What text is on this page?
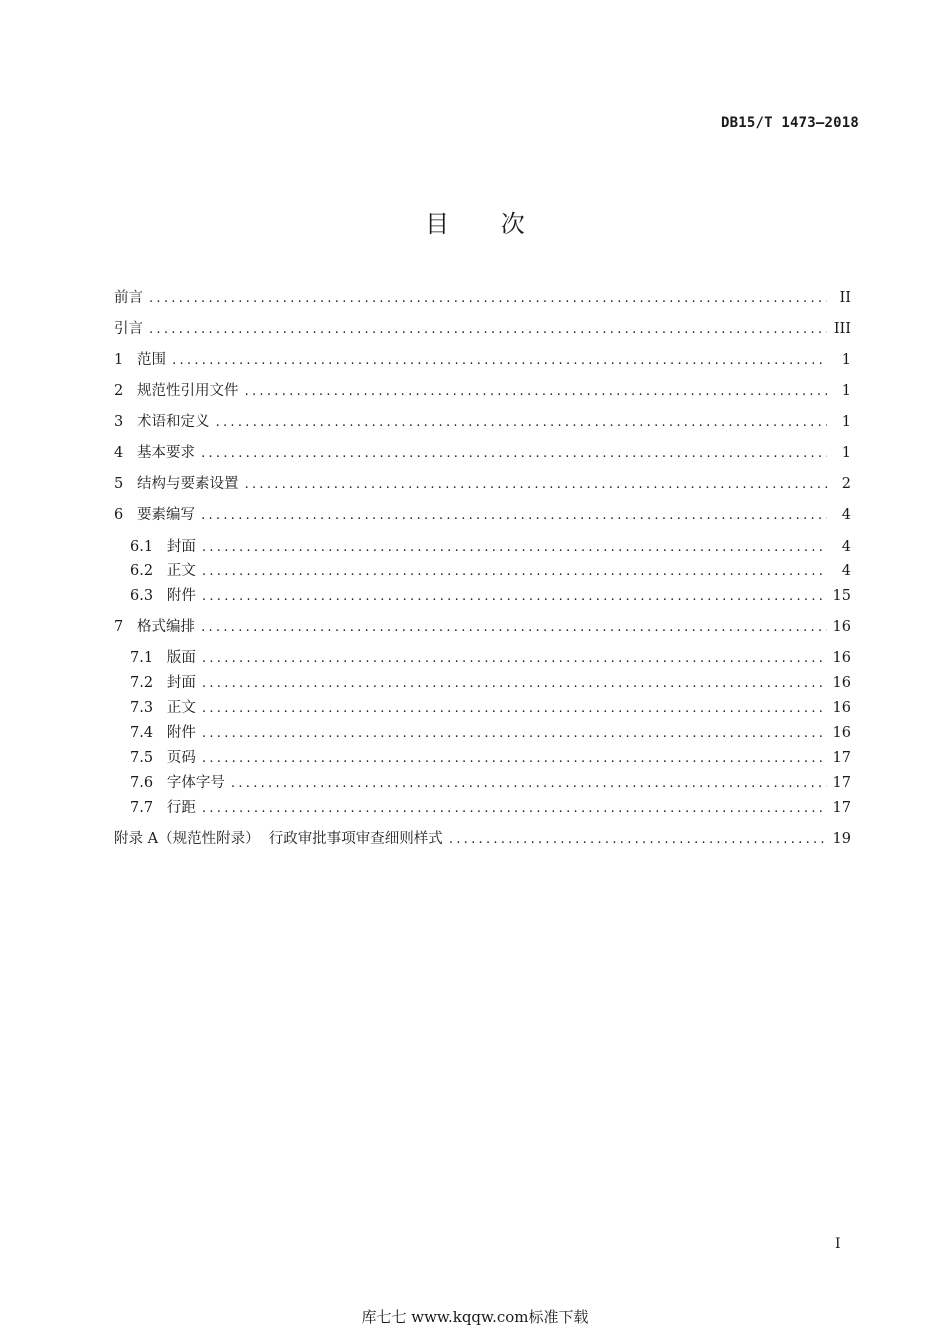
DB15/T 1473—2018
目 次
前言 .....	II
引言 .....	III
1   范围 .....	1
2   规范性引用文件 .....	1
3   术语和定义 .....	1
4   基本要求 .....	1
5   结构与要素设置 .....	2
6   要素编写 .....	4
6.1   封面 .....	4
6.2   正文 .....	4
6.3   附件 .....	15
7   格式编排 .....	16
7.1   版面 .....	16
7.2   封面 .....	16
7.3   正文 .....	16
7.4   附件 .....	16
7.5   页码 .....	17
7.6   字体字号 .....	17
7.7   行距 .....	17
附录 A（规范性附录）  行政审批事项审查细则样式 .....	19
I
库七七 www.kqqw.com标准下载
